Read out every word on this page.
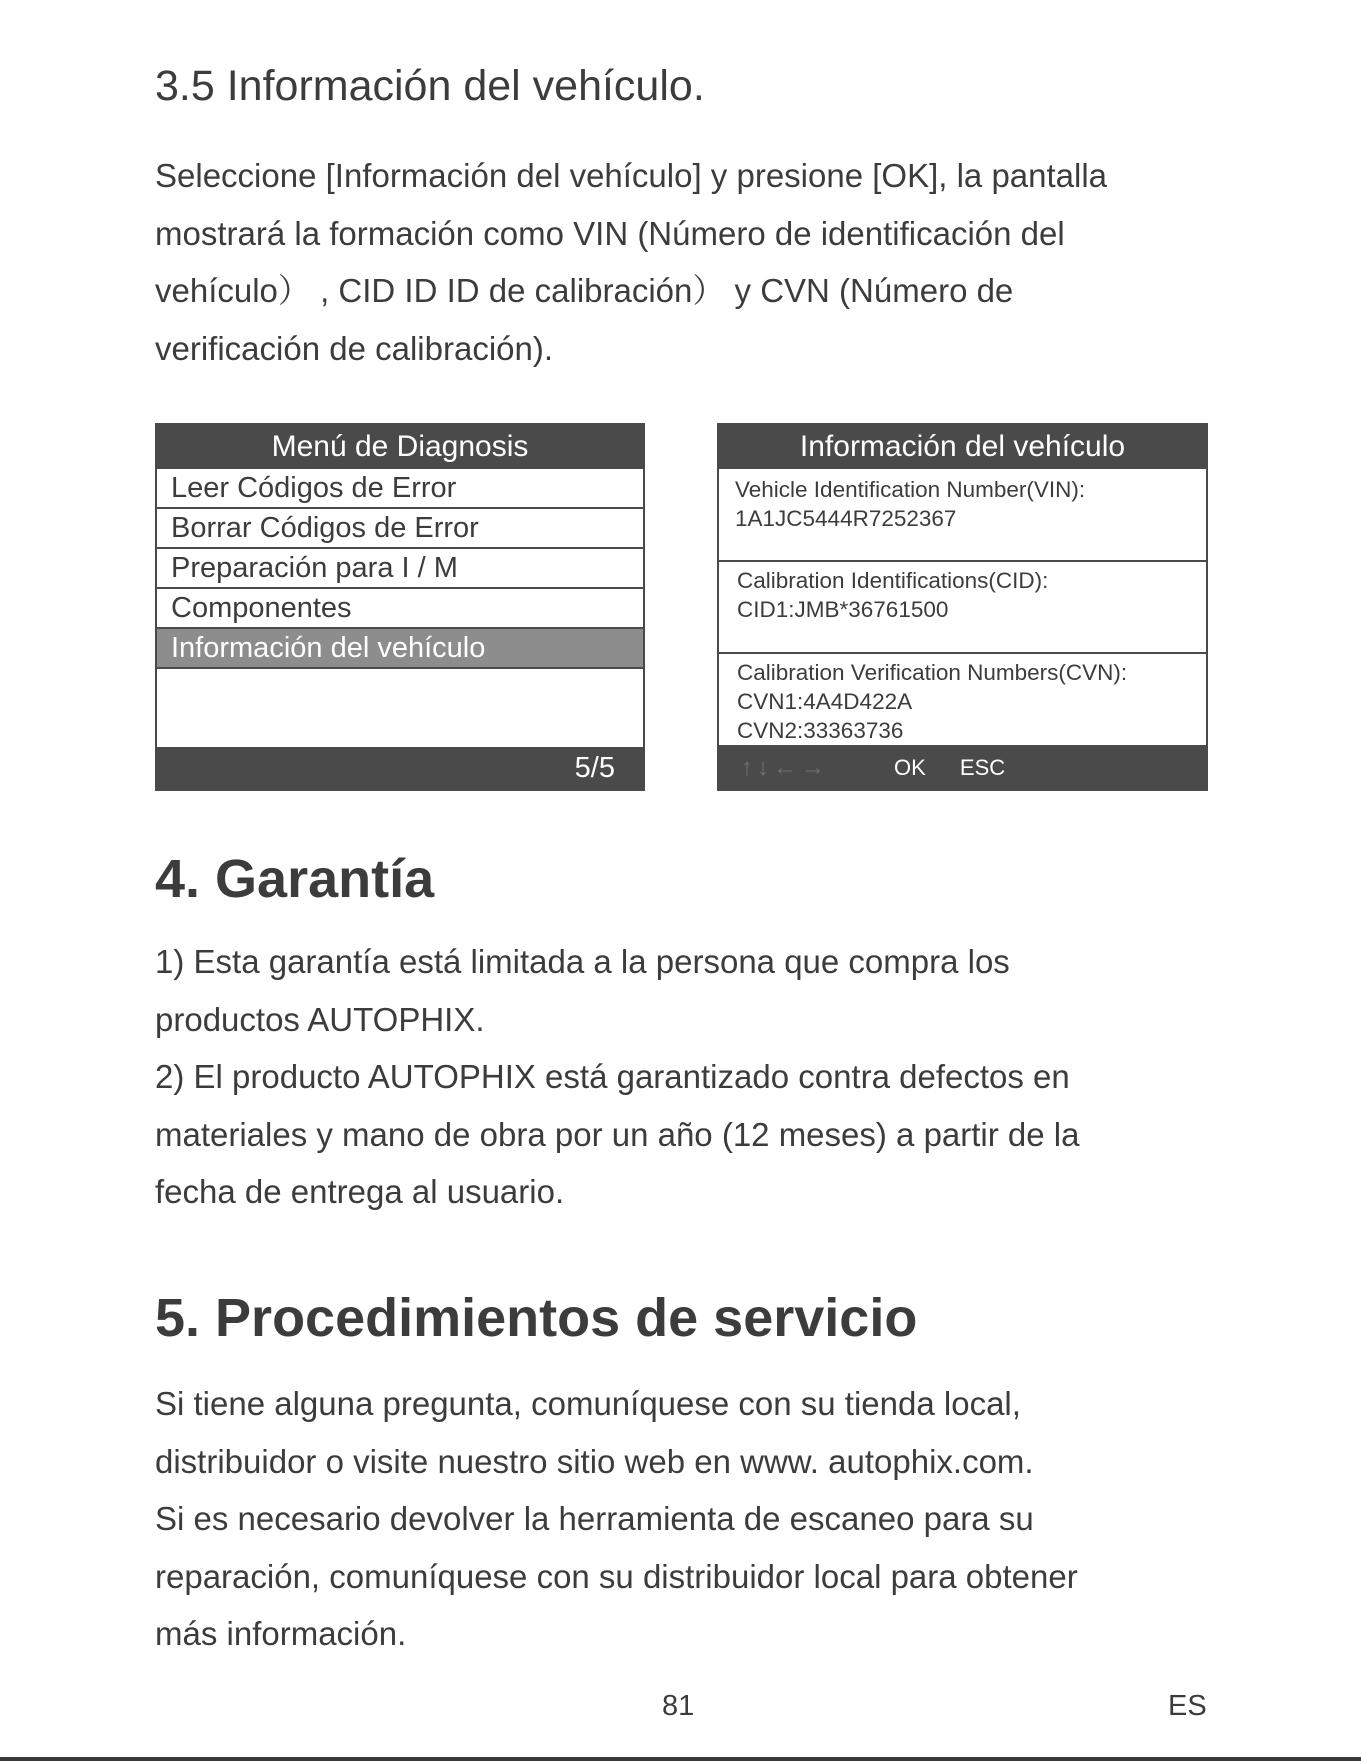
3.5 Información del vehículo.

Seleccione [Información del vehículo] y presione [OK], la pantalla
mostrará la formación como VIN (Número de identificación del
vehículo） , CID ID ID de calibración） y CVN (Número de
verificación de calibración).

Menú de Diagnosis
Leer Códigos de Error
Borrar Códigos de Error
Preparación para I / M
Componentes
Información del vehículo
5/5
Información del vehículo
Vehicle Identification Number(VIN):
1A1JC5444R7252367
Calibration Identifications(CID):
CID1:JMB*36761500
Calibration Verification Numbers(CVN):
CVN1:4A4D422A
CVN2:33363736
↑↓←→	OK ESC
4. Garantía

1) Esta garantía está limitada a la persona que compra los
productos AUTOPHIX.
2) El producto AUTOPHIX está garantizado contra defectos en
materiales y mano de obra por un año (12 meses) a partir de la
fecha de entrega al usuario.

5. Procedimientos de servicio

Si tiene alguna pregunta, comuníquese con su tienda local,
distribuidor o visite nuestro sitio web en www. autophix.com.
Si es necesario devolver la herramienta de escaneo para su
reparación, comuníquese con su distribuidor local para obtener
más información.

81	ES
